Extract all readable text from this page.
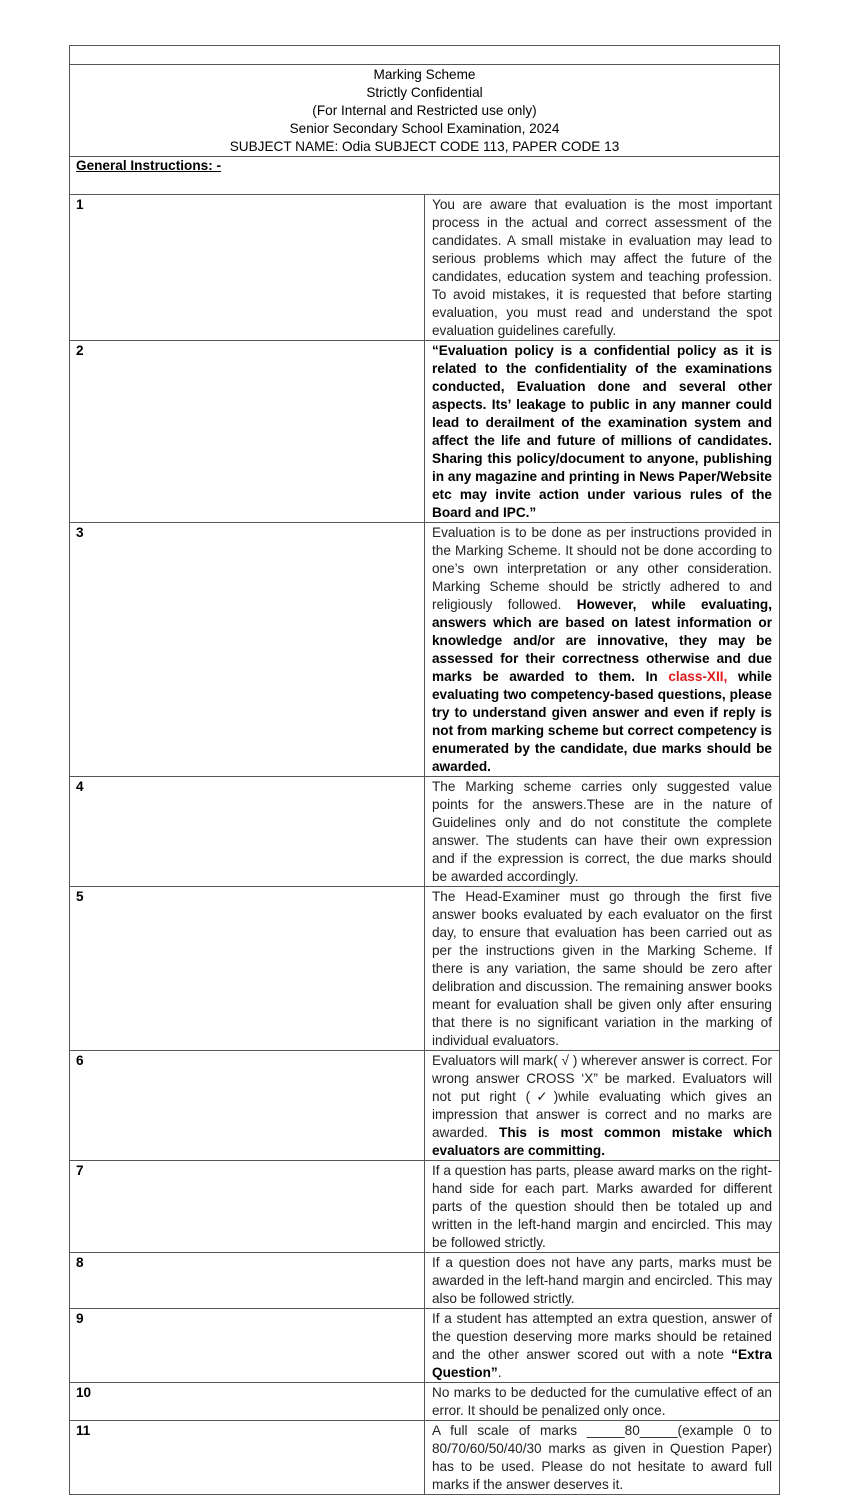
Marking Scheme
Strictly Confidential
(For Internal and Restricted use only)
Senior Secondary School Examination, 2024
SUBJECT NAME: Odia SUBJECT CODE 113, PAPER CODE 13	

General Instructions: -	
1	You are aware that evaluation is the most important process in the actual and correct assessment of the candidates. A small mistake in evaluation may lead to serious problems which may affect the future of the candidates, education system and teaching profession. To avoid mistakes, it is requested that before starting evaluation, you must read and understand the spot evaluation guidelines carefully.
2	“Evaluation policy is a confidential policy as it is related to the confidentiality of the examinations conducted, Evaluation done and several other aspects. Its’ leakage to public in any manner could lead to derailment of the examination system and affect the life and future of millions of candidates. Sharing this policy/document to anyone, publishing in any magazine and printing in News Paper/Website etc may invite action under various rules of the Board and IPC.”
3	Evaluation is to be done as per instructions provided in the Marking Scheme. It should not be done according to one’s own interpretation or any other consideration. Marking Scheme should be strictly adhered to and religiously followed. However, while evaluating, answers which are based on latest information or knowledge and/or are innovative, they may be assessed for their correctness otherwise and due marks be awarded to them. In class-XII, while evaluating two competency-based questions, please try to understand given answer and even if reply is not from marking scheme but correct competency is enumerated by the candidate, due marks should be awarded.
4	The Marking scheme carries only suggested value points for the answers.These are in the nature of Guidelines only and do not constitute the complete answer. The students can have their own expression and if the expression is correct, the due marks should be awarded accordingly.
5	The Head-Examiner must go through the first five answer books evaluated by each evaluator on the first day, to ensure that evaluation has been carried out as per the instructions given in the Marking Scheme. If there is any variation, the same should be zero after delibration and discussion. The remaining answer books meant for evaluation shall be given only after ensuring that there is no significant variation in the marking of individual evaluators.
6	Evaluators will mark( √ ) wherever answer is correct. For wrong answer CROSS ‘X” be marked. Evaluators will not put right (✓)while evaluating which gives an impression that answer is correct and no marks are awarded. This is most common mistake which evaluators are committing.
7	If a question has parts, please award marks on the right-hand side for each part. Marks awarded for different parts of the question should then be totaled up and written in the left-hand margin and encircled. This may be followed strictly.
8	If a question does not have any parts, marks must be awarded in the left-hand margin and encircled. This may also be followed strictly.
9	If a student has attempted an extra question, answer of the question deserving more marks should be retained and the other answer scored out with a note “Extra Question”.
10	No marks to be deducted for the cumulative effect of an error. It should be penalized only once.
11	A full scale of marks _____80_____(example 0 to 80/70/60/50/40/30 marks as given in Question Paper) has to be used. Please do not hesitate to award full marks if the answer deserves it.
